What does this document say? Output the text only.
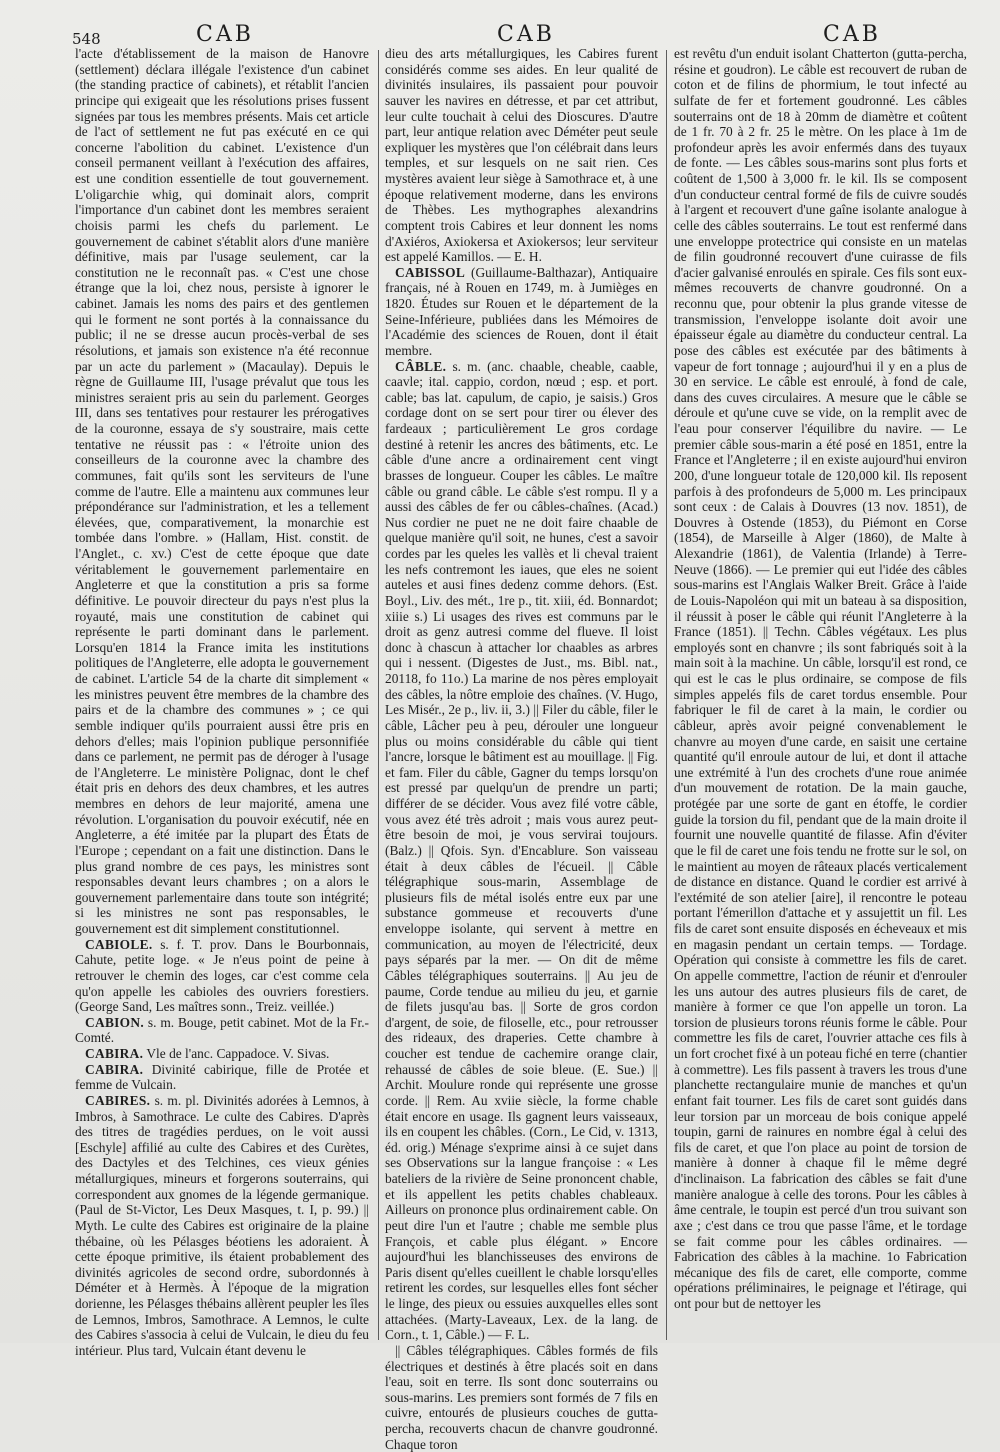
548	CAB	CAB	CAB

l'acte d'établissement de la maison de Hanovre (settlement) déclara illégale l'existence d'un cabinet (the standing practice of cabinets), et rétablit l'ancien principe qui exigeait que les résolutions prises fussent signées par tous les membres présents. Mais cet article de l'act of settlement ne fut pas exécuté en ce qui concerne l'abolition du cabinet. L'existence d'un conseil permanent veillant à l'exécution des affaires, est une condition essentielle de tout gouvernement. L'oligarchie whig, qui dominait alors, comprit l'importance d'un cabinet dont les membres seraient choisis parmi les chefs du parlement. Le gouvernement de cabinet s'établit alors d'une manière définitive, mais par l'usage seulement, car la constitution ne le reconnaît pas. « C'est une chose étrange que la loi, chez nous, persiste à ignorer le cabinet. Jamais les noms des pairs et des gentlemen qui le forment ne sont portés à la connaissance du public; il ne se dresse aucun procès-verbal de ses résolutions, et jamais son existence n'a été reconnue par un acte du parlement » (Macaulay). Depuis le règne de Guillaume III, l'usage prévalut que tous les ministres seraient pris au sein du parlement. Georges III, dans ses tentatives pour restaurer les prérogatives de la couronne, essaya de s'y soustraire, mais cette tentative ne réussit pas : « l'étroite union des conseilleurs de la couronne avec la chambre des communes, fait qu'ils sont les serviteurs de l'une comme de l'autre. Elle a maintenu aux communes leur prépondérance sur l'administration, et les a tellement élevées, que, comparativement, la monarchie est tombée dans l'ombre. » (Hallam, Hist. constit. de l'Anglet., c. xv.) C'est de cette époque que date véritablement le gouvernement parlementaire en Angleterre et que la constitution a pris sa forme définitive. Le pouvoir directeur du pays n'est plus la royauté, mais une constitution de cabinet qui représente le parti dominant dans le parlement. Lorsqu'en 1814 la France imita les institutions politiques de l'Angleterre, elle adopta le gouvernement de cabinet. L'article 54 de la charte dit simplement « les ministres peuvent être membres de la chambre des pairs et de la chambre des communes » ; ce qui semble indiquer qu'ils pourraient aussi être pris en dehors d'elles; mais l'opinion publique personnifiée dans ce parlement, ne permit pas de déroger à l'usage de l'Angleterre. Le ministère Polignac, dont le chef était pris en dehors des deux chambres, et les autres membres en dehors de leur majorité, amena une révolution. L'organisation du pouvoir exécutif, née en Angleterre, a été imitée par la plupart des États de l'Europe ; cependant on a fait une distinction. Dans le plus grand nombre de ces pays, les ministres sont responsables devant leurs chambres ; on a alors le gouvernement parlementaire dans toute son intégrité; si les ministres ne sont pas responsables, le gouvernement est dit simplement constitutionnel.

CABIOLE. s. f. T. prov. Dans le Bourbonnais, Cahute, petite loge. « Je n'eus point de peine à retrouver le chemin des loges, car c'est comme cela qu'on appelle les cabioles des ouvriers forestiers. (George Sand, Les maîtres sonn., Treiz. veillée.)

CABION. s. m. Bouge, petit cabinet. Mot de la Fr.-Comté.

CABIRA. Vle de l'anc. Cappadoce. V. Sivas.

CABIRA. Divinité cabirique, fille de Protée et femme de Vulcain.

CABIRES. s. m. pl. Divinités adorées à Lemnos, à Imbros, à Samothrace. Le culte des Cabires. D'après des titres de tragédies perdues, on le voit aussi [Eschyle] affilié au culte des Cabires et des Curètes, des Dactyles et des Telchines, ces vieux génies métallurgiques, mineurs et forgerons souterrains, qui correspondent aux gnomes de la légende germanique. (Paul de St-Victor, Les Deux Masques, t. I, p. 99.) || Myth. Le culte des Cabires est originaire de la plaine thébaine, où les Pélasges béotiens les adoraient. À cette époque primitive, ils étaient probablement des divinités agricoles de second ordre, subordonnés à Déméter et à Hermès. À l'époque de la migration dorienne, les Pélasges thébains allèrent peupler les îles de Lemnos, Imbros, Samothrace. A Lemnos, le culte des Cabires s'associa à celui de Vulcain, le dieu du feu intérieur. Plus tard, Vulcain étant devenu le

dieu des arts métallurgiques, les Cabires furent considérés comme ses aides. En leur qualité de divinités insulaires, ils passaient pour pouvoir sauver les navires en détresse, et par cet attribut, leur culte touchait à celui des Dioscures. D'autre part, leur antique relation avec Déméter peut seule expliquer les mystères que l'on célébrait dans leurs temples, et sur lesquels on ne sait rien. Ces mystères avaient leur siège à Samothrace et, à une époque relativement moderne, dans les environs de Thèbes. Les mythographes alexandrins comptent trois Cabires et leur donnent les noms d'Axiéros, Axiokersa et Axiokersos; leur serviteur est appelé Kamillos. — E. H.

CABISSOL (Guillaume-Balthazar), Antiquaire français, né à Rouen en 1749, m. à Jumièges en 1820. Études sur Rouen et le département de la Seine-Inférieure, publiées dans les Mémoires de l'Académie des sciences de Rouen, dont il était membre.

CÂBLE. s. m. (anc. chaable, cheable, caable, caavle; ital. cappio, cordon, nœud ; esp. et port. cable; bas lat. capulum, de capio, je saisis.) Gros cordage dont on se sert pour tirer ou élever des fardeaux ; particulièrement Le gros cordage destiné à retenir les ancres des bâtiments, etc. Le câble d'une ancre a ordinairement cent vingt brasses de longueur. Couper les câbles. Le maître câble ou grand câble. Le câble s'est rompu. Il y a aussi des câbles de fer ou câbles-chaînes. (Acad.) Nus cordier ne puet ne ne doit faire chaable de quelque manière qu'il soit, ne hunes, c'est a savoir cordes par les queles les vallès et li cheval traient les nefs contremont les iaues, que eles ne soient auteles et ausi fines dedenz comme dehors. (Est. Boyl., Liv. des mét., 1re p., tit. xiii, éd. Bonnardot; xiiie s.) Li usages des rives est communs par le droit as genz autresi comme del flueve. Il loist donc à chascun à attacher lor chaables as arbres qui i nessent. (Digestes de Just., ms. Bibl. nat., 20118, fo 11o.) La marine de nos pères employait des câbles, la nôtre emploie des chaînes. (V. Hugo, Les Misér., 2e p., liv. ii, 3.) || Filer du câble, filer le câble, Lâcher peu à peu, dérouler une longueur plus ou moins considérable du câble qui tient l'ancre, lorsque le bâtiment est au mouillage. || Fig. et fam. Filer du câble, Gagner du temps lorsqu'on est pressé par quelqu'un de prendre un parti; différer de se décider. Vous avez filé votre câble, vous avez été très adroit ; mais vous aurez peut-être besoin de moi, je vous servirai toujours. (Balz.) || Qfois. Syn. d'Encablure. Son vaisseau était à deux câbles de l'écueil. || Câble télégraphique sous-marin, Assemblage de plusieurs fils de métal isolés entre eux par une substance gommeuse et recouverts d'une enveloppe isolante, qui servent à mettre en communication, au moyen de l'électricité, deux pays séparés par la mer. — On dit de même Câbles télégraphiques souterrains. || Au jeu de paume, Corde tendue au milieu du jeu, et garnie de filets jusqu'au bas. || Sorte de gros cordon d'argent, de soie, de filoselle, etc., pour retrousser des rideaux, des draperies. Cette chambre à coucher est tendue de cachemire orange clair, rehaussé de câbles de soie bleue. (E. Sue.) || Archit. Moulure ronde qui représente une grosse corde. || Rem. Au xviie siècle, la forme chable était encore en usage. Ils gagnent leurs vaisseaux, ils en coupent les châbles. (Corn., Le Cid, v. 1313, éd. orig.) Ménage s'exprime ainsi à ce sujet dans ses Observations sur la langue françoise : « Les bateliers de la rivière de Seine prononcent chable, et ils appellent les petits chables chableaux. Ailleurs on prononce plus ordinairement cable. On peut dire l'un et l'autre ; chable me semble plus François, et cable plus élégant. » Encore aujourd'hui les blanchisseuses des environs de Paris disent qu'elles cueillent le chable lorsqu'elles retirent les cordes, sur lesquelles elles font sécher le linge, des pieux ou essuies auxquelles elles sont attachées. (Marty-Laveaux, Lex. de la lang. de Corn., t. 1, Câble.) — F. L.

|| Câbles télégraphiques. Câbles formés de fils électriques et destinés à être placés soit en dans l'eau, soit en terre. Ils sont donc souterrains ou sous-marins. Les premiers sont formés de 7 fils en cuivre, entourés de plusieurs couches de gutta-percha, recouverts chacun de chanvre goudronné. Chaque toron

est revêtu d'un enduit isolant Chatterton (gutta-percha, résine et goudron). Le câble est recouvert de ruban de coton et de filins de phormium, le tout infecté au sulfate de fer et fortement goudronné. Les câbles souterrains ont de 18 à 20mm de diamètre et coûtent de 1 fr. 70 à 2 fr. 25 le mètre. On les place à 1m de profondeur après les avoir enfermés dans des tuyaux de fonte. — Les câbles sous-marins sont plus forts et coûtent de 1,500 à 3,000 fr. le kil. Ils se composent d'un conducteur central formé de fils de cuivre soudés à l'argent et recouvert d'une gaîne isolante analogue à celle des câbles souterrains. Le tout est renfermé dans une enveloppe protectrice qui consiste en un matelas de filin goudronné recouvert d'une cuirasse de fils d'acier galvanisé enroulés en spirale. Ces fils sont eux-mêmes recouverts de chanvre goudronné. On a reconnu que, pour obtenir la plus grande vitesse de transmission, l'enveloppe isolante doit avoir une épaisseur égale au diamètre du conducteur central. La pose des câbles est exécutée par des bâtiments à vapeur de fort tonnage ; aujourd'hui il y en a plus de 30 en service. Le câble est enroulé, à fond de cale, dans des cuves circulaires. A mesure que le câble se déroule et qu'une cuve se vide, on la remplit avec de l'eau pour conserver l'équilibre du navire. — Le premier câble sous-marin a été posé en 1851, entre la France et l'Angleterre ; il en existe aujourd'hui environ 200, d'une longueur totale de 120,000 kil. Ils reposent parfois à des profondeurs de 5,000 m. Les principaux sont ceux : de Calais à Douvres (13 nov. 1851), de Douvres à Ostende (1853), du Piémont en Corse (1854), de Marseille à Alger (1860), de Malte à Alexandrie (1861), de Valentia (Irlande) à Terre-Neuve (1866). — Le premier qui eut l'idée des câbles sous-marins est l'Anglais Walker Breit. Grâce à l'aide de Louis-Napoléon qui mit un bateau à sa disposition, il réussit à poser le câble qui réunit l'Angleterre à la France (1851). || Techn. Câbles végétaux. Les plus employés sont en chanvre ; ils sont fabriqués soit à la main soit à la machine. Un câble, lorsqu'il est rond, ce qui est le cas le plus ordinaire, se compose de fils simples appelés fils de caret tordus ensemble. Pour fabriquer le fil de caret à la main, le cordier ou câbleur, après avoir peigné convenablement le chanvre au moyen d'une carde, en saisit une certaine quantité qu'il enroule autour de lui, et dont il attache une extrémité à l'un des crochets d'une roue animée d'un mouvement de rotation. De la main gauche, protégée par une sorte de gant en étoffe, le cordier guide la torsion du fil, pendant que de la main droite il fournit une nouvelle quantité de filasse. Afin d'éviter que le fil de caret une fois tendu ne frotte sur le sol, on le maintient au moyen de râteaux placés verticalement de distance en distance. Quand le cordier est arrivé à l'extémité de son atelier [aire], il rencontre le poteau portant l'émerillon d'attache et y assujettit un fil. Les fils de caret sont ensuite disposés en écheveaux et mis en magasin pendant un certain temps. — Tordage. Opération qui consiste à commettre les fils de caret. On appelle commettre, l'action de réunir et d'enrouler les uns autour des autres plusieurs fils de caret, de manière à former ce que l'on appelle un toron. La torsion de plusieurs torons réunis forme le câble. Pour commettre les fils de caret, l'ouvrier attache ces fils à un fort crochet fixé à un poteau fiché en terre (chantier à commettre). Les fils passent à travers les trous d'une planchette rectangulaire munie de manches et qu'un enfant fait tourner. Les fils de caret sont guidés dans leur torsion par un morceau de bois conique appelé toupin, garni de rainures en nombre égal à celui des fils de caret, et que l'on place au point de torsion de manière à donner à chaque fil le même degré d'inclinaison. La fabrication des câbles se fait d'une manière analogue à celle des torons. Pour les câbles à âme centrale, le toupin est percé d'un trou suivant son axe ; c'est dans ce trou que passe l'âme, et le tordage se fait comme pour les câbles ordinaires. — Fabrication des câbles à la machine. 1o Fabrication mécanique des fils de caret, elle comporte, comme opérations préliminaires, le peignage et l'étirage, qui ont pour but de nettoyer les
